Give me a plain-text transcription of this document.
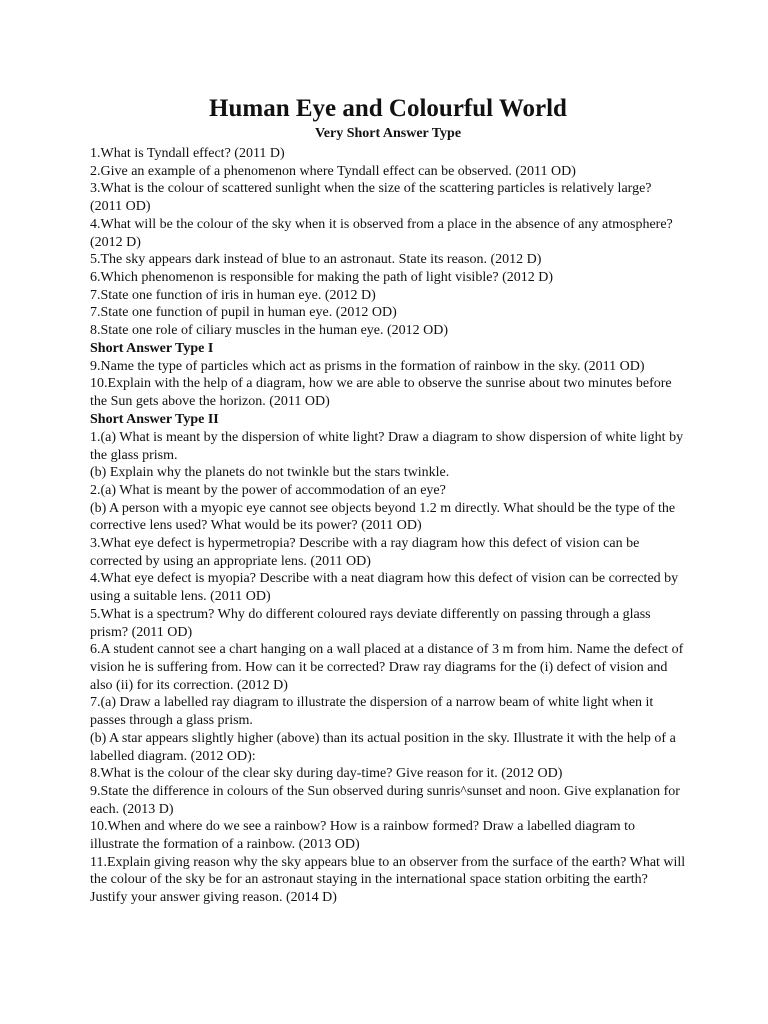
Human Eye and Colourful World
Very Short Answer Type

1.What is Tyndall effect? (2011 D)

2.Give an example of a phenomenon where Tyndall effect can be observed. (2011 OD)

3.What is the colour of scattered sunlight when the size of the scattering particles is relatively large? (2011 OD)

4.What will be the colour of the sky when it is observed from a place in the absence of any atmosphere? (2012 D)

5.The sky appears dark instead of blue to an astronaut. State its reason. (2012 D)

6.Which phenomenon is responsible for making the path of light visible? (2012 D)

7.State one function of iris in human eye. (2012 D)

7.State one function of pupil in human eye. (2012 OD)

8.State one role of ciliary muscles in the human eye. (2012 OD)

Short Answer Type I

9.Name the type of particles which act as prisms in the formation of rainbow in the sky. (2011 OD)

10.Explain with the help of a diagram, how we are able to observe the sunrise about two minutes before the Sun gets above the horizon. (2011 OD)

Short Answer Type II

1.(a) What is meant by the dispersion of white light? Draw a diagram to show dispersion of white light by the glass prism.

(b) Explain why the planets do not twinkle but the stars twinkle.

2.(a) What is meant by the power of accommodation of an eye?

(b) A person with a myopic eye cannot see objects beyond 1.2 m directly. What should be the type of the corrective lens used? What would be its power? (2011 OD)

3.What eye defect is hypermetropia? Describe with a ray diagram how this defect of vision can be corrected by using an appropriate lens. (2011 OD)

4.What eye defect is myopia? Describe with a neat diagram how this defect of vision can be corrected by using a suitable lens. (2011 OD)

5.What is a spectrum? Why do different coloured rays deviate differently on passing through a glass prism? (2011 OD)

6.A student cannot see a chart hanging on a wall placed at a distance of 3 m from him. Name the defect of vision he is suffering from. How can it be corrected? Draw ray diagrams for the (i) defect of vision and also (ii) for its correction. (2012 D)

7.(a) Draw a labelled ray diagram to illustrate the dispersion of a narrow beam of white light when it passes through a glass prism.

(b) A star appears slightly higher (above) than its actual position in the sky. Illustrate it with the help of a labelled diagram. (2012 OD):

8.What is the colour of the clear sky during day-time? Give reason for it. (2012 OD)

9.State the difference in colours of the Sun observed during sunris^sunset and noon. Give explanation for each. (2013 D)

10.When and where do we see a rainbow? How is a rainbow formed? Draw a labelled diagram to illustrate the formation of a rainbow. (2013 OD)

11.Explain giving reason why the sky appears blue to an observer from the surface of the earth? What will the colour of the sky be for an astronaut staying in the international space station orbiting the earth? Justify your answer giving reason. (2014 D)
